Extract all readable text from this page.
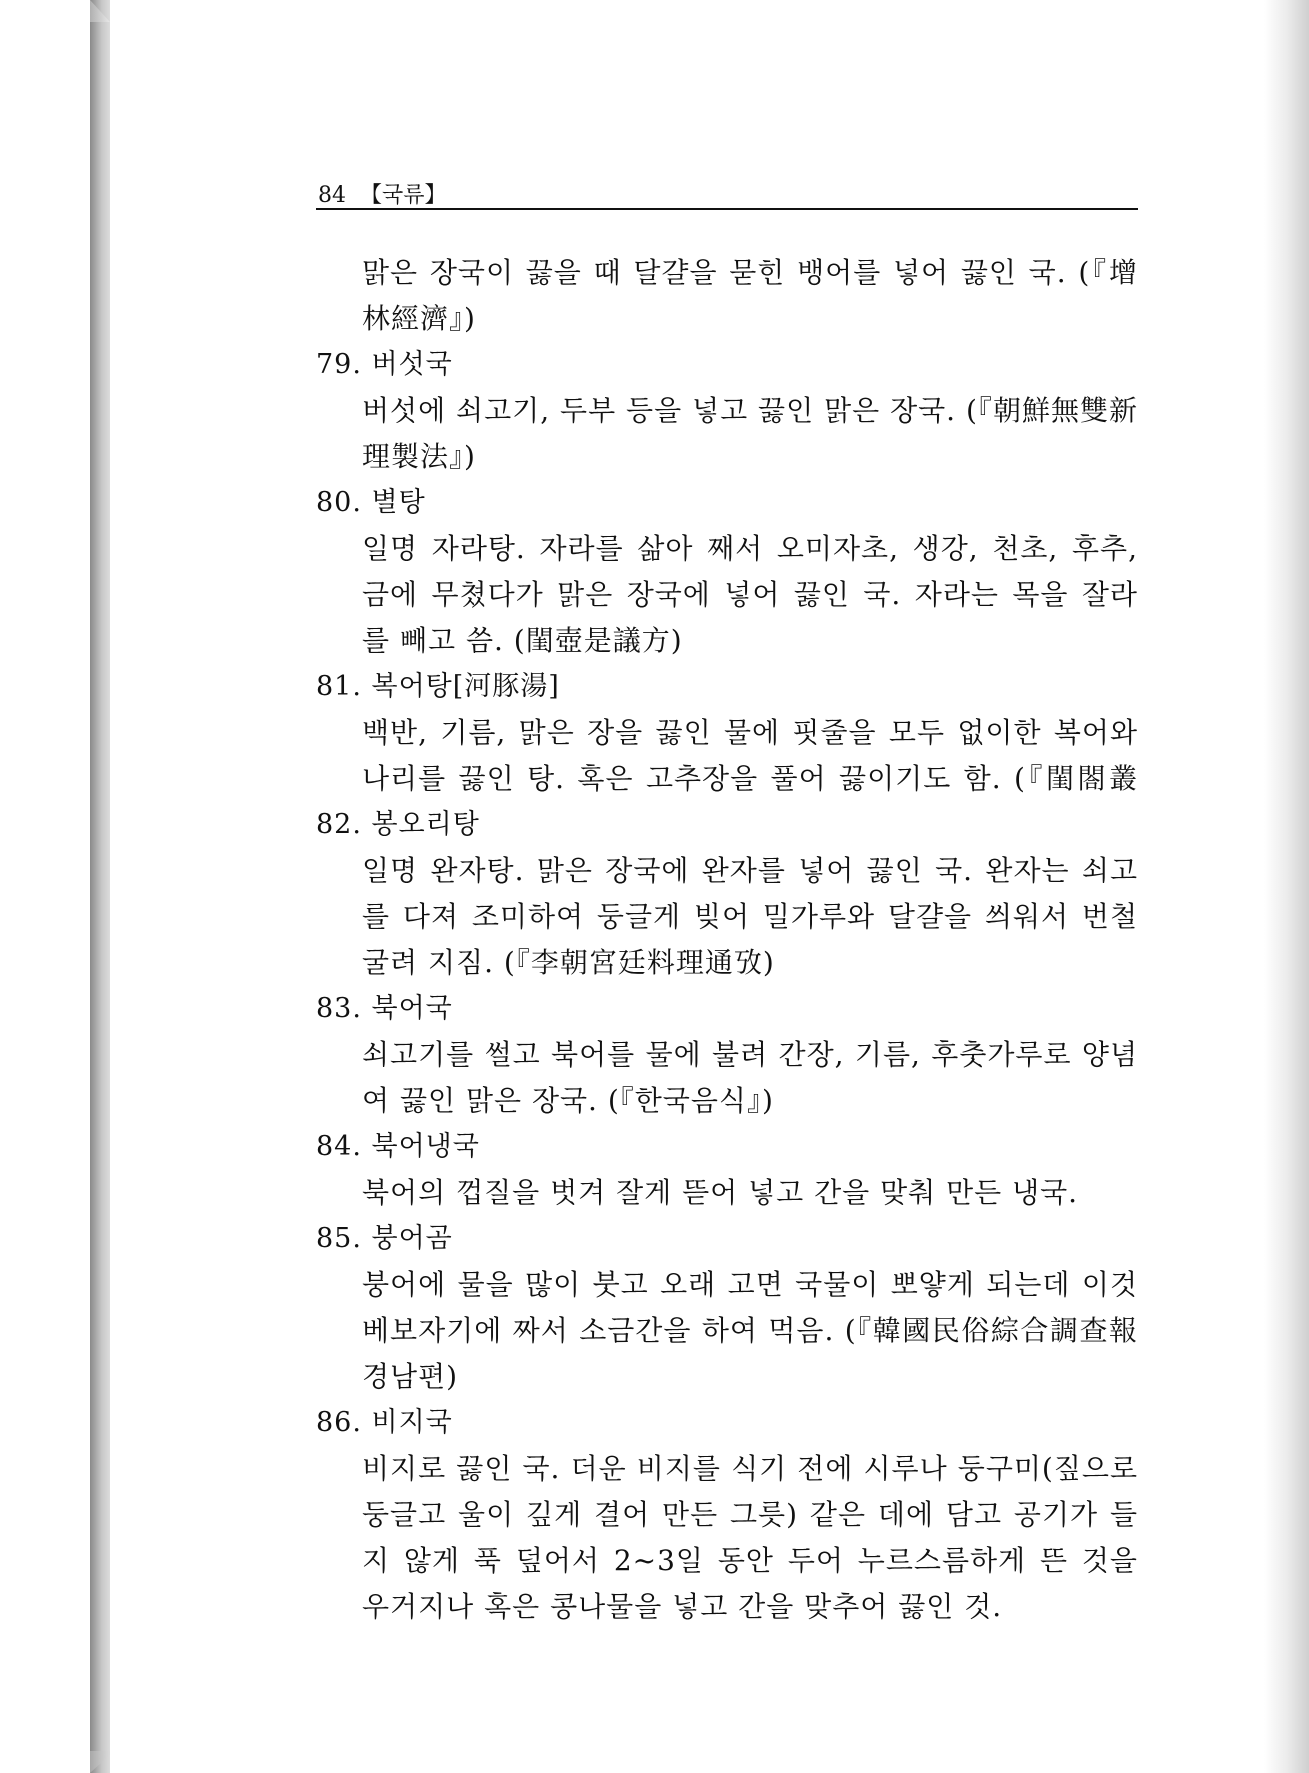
84 【국류】
맑은 장국이 끓을 때 달걀을 묻힌 뱅어를 넣어 끓인 국. (『增
林經濟』)
79. 버섯국
버섯에 쇠고기, 두부 등을 넣고 끓인 맑은 장국. (『朝鮮無雙新
理製法』)
80. 별탕
일명 자라탕. 자라를 삶아 째서 오미자초, 생강, 천초, 후추,
금에 무쳤다가 맑은 장국에 넣어 끓인 국. 자라는 목을 잘라
를 빼고 씀. (閨壺是議方)
81. 복어탕[河豚湯]
백반, 기름, 맑은 장을 끓인 물에 핏줄을 모두 없이한 복어와
나리를 끓인 탕. 혹은 고추장을 풀어 끓이기도 함. (『閨閤叢
82. 봉오리탕
일명 완자탕. 맑은 장국에 완자를 넣어 끓인 국. 완자는 쇠고
를 다져 조미하여 둥글게 빚어 밀가루와 달걀을 씌워서 번철
굴려 지짐. (『李朝宮廷料理通攷)
83. 북어국
쇠고기를 썰고 북어를 물에 불려 간장, 기름, 후춧가루로 양념
여 끓인 맑은 장국. (『한국음식』)
84. 북어냉국
북어의 껍질을 벗겨 잘게 뜯어 넣고 간을 맞춰 만든 냉국.
85. 붕어곰
붕어에 물을 많이 붓고 오래 고면 국물이 뽀얗게 되는데 이것
베보자기에 짜서 소금간을 하여 먹음. (『韓國民俗綜合調查報
경남편)
86. 비지국
비지로 끓인 국. 더운 비지를 식기 전에 시루나 둥구미(짚으로
둥글고 울이 깊게 결어 만든 그릇) 같은 데에 담고 공기가 들
지 않게 푹 덮어서 2~3일 동안 두어 누르스름하게 뜬 것을
우거지나 혹은 콩나물을 넣고 간을 맞추어 끓인 것.
